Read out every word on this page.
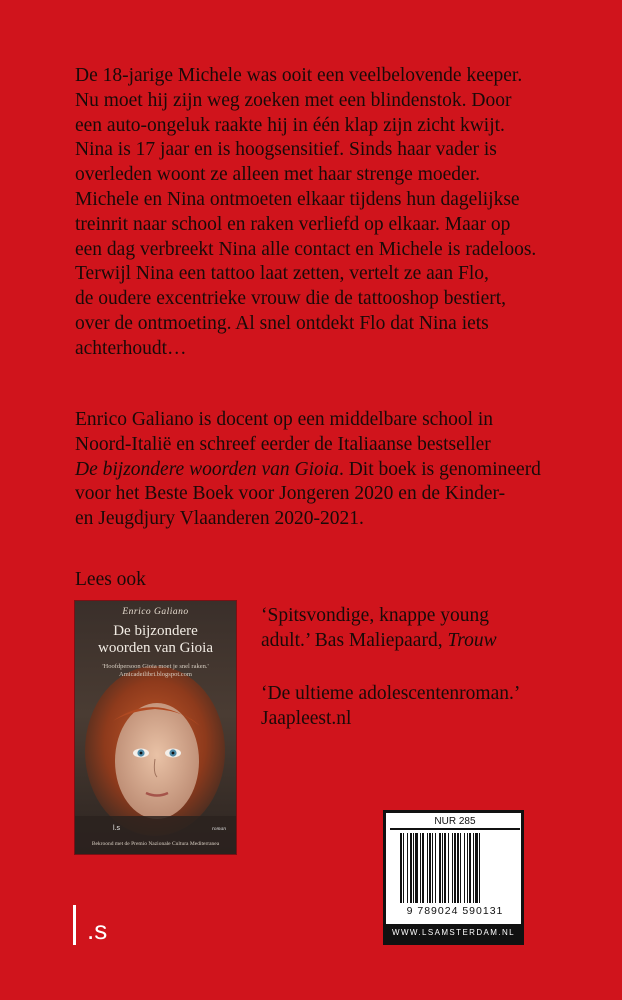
De 18-jarige Michele was ooit een veelbelovende keeper.

Nu moet hij zijn weg zoeken met een blindenstok. Door

een auto-ongeluk raakte hij in één klap zijn zicht kwijt.

Nina is 17 jaar en is hoogsensitief. Sinds haar vader is

overleden woont ze alleen met haar strenge moeder.

Michele en Nina ontmoeten elkaar tijdens hun dagelijkse

treinrit naar school en raken verliefd op elkaar. Maar op

een dag verbreekt Nina alle contact en Michele is radeloos.

Terwijl Nina een tattoo laat zetten, vertelt ze aan Flo,

de oudere excentrieke vrouw die de tattooshop bestiert,

over de ontmoeting. Al snel ontdekt Flo dat Nina iets

achterhoudt…

Enrico Galiano is docent op een middelbare school in

Noord-Italië en schreef eerder de Italiaanse bestseller

De bijzondere woorden van Gioia. Dit boek is genomineerd

voor het Beste Boek voor Jongeren 2020 en de Kinder-

en Jeugdjury Vlaanderen 2020-2021.

Lees ook
Enrico Galiano
De bijzondere
woorden van Gioia
'Hoofdpersoon Gioia moet je snel raken.' Amicadeilibri.blogspot.com
l.s	roman
Bekroond met de Premio Nazionale Cultura Mediterranea

‘Spitsvondige, knappe young

adult.’ Bas Maliepaard, Trouw

‘De ultieme adolescentenroman.’

Jaapleest.nl

NUR 285
9 789024 590131
WWW.LSAMSTERDAM.NL
.s
